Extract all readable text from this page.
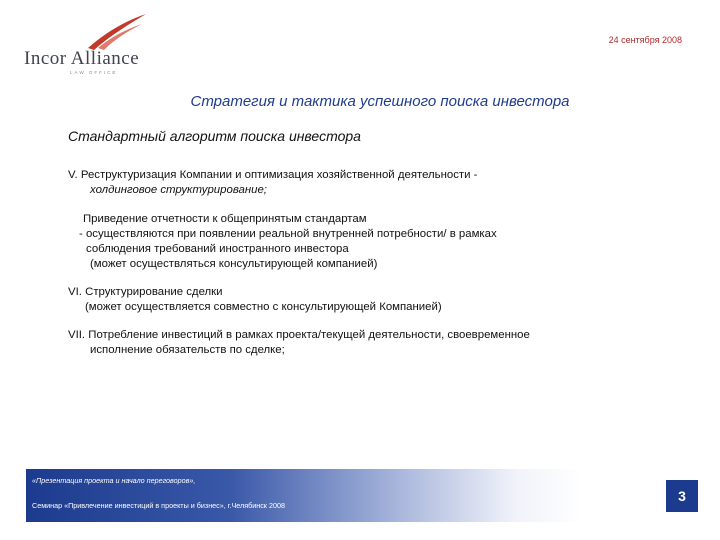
Incor Alliance
LAW OFFICE
24 сентября 2008
Стратегия и тактика успешного поиска инвестора
Стандартный алгоритм поиска инвестора
V. Реструктуризация Компании и оптимизация хозяйственной деятельности -
холдинговое структурирование;
Приведение отчетности к общепринятым стандартам
- осуществляются при появлении реальной внутренней потребности/ в рамках
соблюдения требований иностранного инвестора
(может осуществляться консультирующей компанией)
VI. Структурирование сделки
(может осуществляется совместно с консультирующей Компанией)
VII. Потребление инвестиций в рамках проекта/текущей деятельности, своевременное
исполнение обязательств по сделке;
«Презентация проекта и начало переговоров»,
Семинар «Привлечение инвестиций в проекты и бизнес», г.Челябинск 2008
3
